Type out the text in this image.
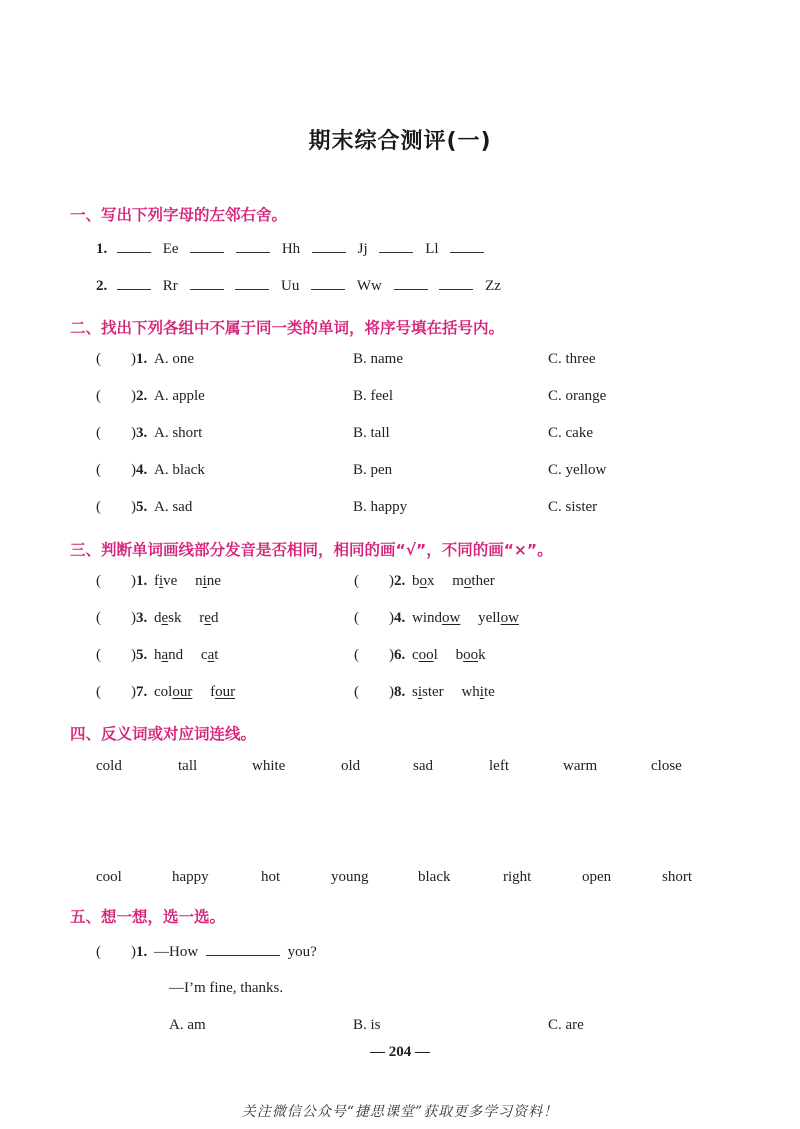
期末综合测评(一)
一、写出下列字母的左邻右舍。
1.	Ee	Hh	Jj	Ll
2.	Rr	Uu	Ww	Zz
二、找出下列各组中不属于同一类的单词，将序号填在括号内。
(        )1. A. one	B. name	C. three
(        )2. A. apple	B. feel	C. orange
(        )3. A. short	B. tall	C. cake
(        )4. A. black	B. pen	C. yellow
(        )5. A. sad	B. happy	C. sister
三、判断单词画线部分发音是否相同，相同的画“√”，不同的画“×”。
(        )1. five nine	(        )2. box mother
(        )3. desk red	(        )4. window yellow
(        )5. hand cat	(        )6. cool book
(        )7. colour four	(        )8. sister white
四、反义词或对应词连线。
cold	tall	white	old	sad	left	warm	close
cool	happy	hot	young	black	right	open	short
五、想一想，选一选。
(        )1. —How	you?
—I’m fine, thanks.
A. am	B. is	C. are
— 204 —
关注微信公众号“捷思课堂”获取更多学习资料！
